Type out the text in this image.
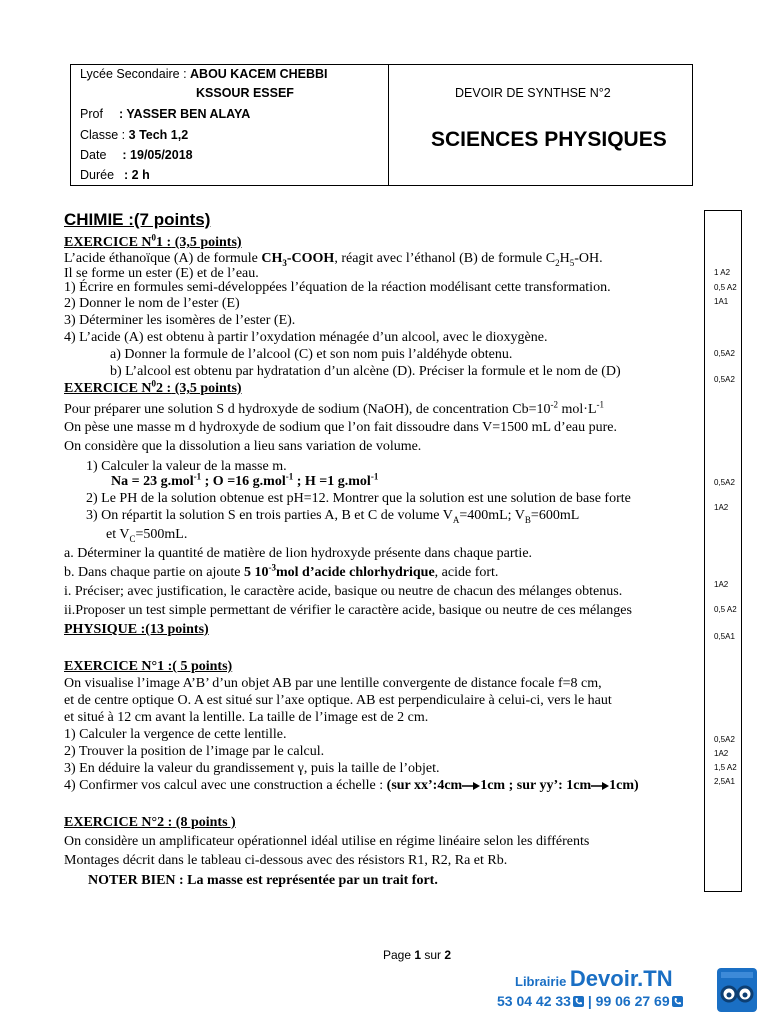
Lycée Secondaire : ABOU KACEM CHEBBI
KSSOUR ESSEF
Prof : YASSER BEN ALAYA
Classe : 3 Tech 1,2
Date : 19/05/2018
Durée : 2 h
DEVOIR DE SYNTHSE N°2
SCIENCES PHYSIQUES
1 A2
0,5 A2
1A1
0,5A2
0,5A2
0,5A2
1A2
1A2
0,5 A2
0,5A1
0,5A2
1A2
1,5 A2
2,5A1
CHIMIE :(7 points)
EXERCICE $N^01$ : (3,5 points)
L’acide éthanoïque (A) de formule $CH_3$-COOH, réagit avec l’éthanol (B) de formule $C_2H_5-OH$.
Il se forme un ester (E) et de l’eau.
1) Écrire en formules semi-développées l’équation de la réaction modélisant cette transformation.
2) Donner le nom de l’ester (E)
3) Déterminer les isomères de l’ester (E).
4) L’acide (A) est obtenu à partir l’oxydation ménagée d’un alcool, avec le dioxygène.
a) Donner la formule de l’alcool (C) et son nom puis l’aldéhyde obtenu.
b) L’alcool est obtenu par hydratation d’un alcène (D). Préciser la formule et le nom de (D)
EXERCICE $N^02$ : (3,5 points)
Pour préparer une solution S d hydroxyde de sodium (NaOH), de concentration $Cb=10^{-2}$ $mol\cdot L^{-1}$
On pèse une masse m d hydroxyde de sodium que l’on fait dissoudre dans V=1500 mL d’eau pure.
On considère que la dissolution a lieu sans variation de volume.
1) Calculer la valeur de la masse m.
Na = 23 g.mol$^{-1}$ ; O =16 g.mol$^{-1}$ ; H =1 g.mol$^{-1}$
2) Le PH de la solution obtenue est pH=12. Montrer que la solution est une solution de base forte
3) On répartit la solution S en trois parties A, B et C de volume $V_A=400mL$; $V_B=600mL$
et $V_C=500mL$.
a. Déterminer la quantité de matière de lion hydroxyde présente dans chaque partie.
b. Dans chaque partie on ajoute 5 $10^{-3}mol$ d’acide chlorhydrique, acide fort.
i. Préciser; avec justification, le caractère acide, basique ou neutre de chacun des mélanges obtenus.
ii.Proposer un test simple permettant de vérifier le caractère acide, basique ou neutre de ces mélanges
PHYSIQUE :(13 points)
EXERCICE N°1 :( 5 points)
On visualise l’image A’B’ d’un objet AB par une lentille convergente de distance focale f=8 cm,
et de centre optique O. A est situé sur l’axe optique. AB est perpendiculaire à celui-ci, vers le haut
et situé à 12 cm avant la lentille. La taille de l’image est de 2 cm.
1) Calculer la vergence de cette lentille.
2) Trouver la position de l’image par le calcul.
3) En déduire la valeur du grandissement γ, puis la taille de l’objet.
4) Confirmer vos calcul avec une construction a échelle : (sur xx’:4cm 1cm ; sur yy’: 1cm 1cm)
EXERCICE N°2 : (8 points )
On considère un amplificateur opérationnel idéal utilise en régime linéaire selon les différents
Montages décrit dans le tableau ci-dessous avec des résistors R1, R2, Ra et Rb.
NOTER BIEN : La masse est représentée par un trait fort.
Page 1 sur 2
Librairie Devoir.TN
53 04 42 33 | 99 06 27 69
